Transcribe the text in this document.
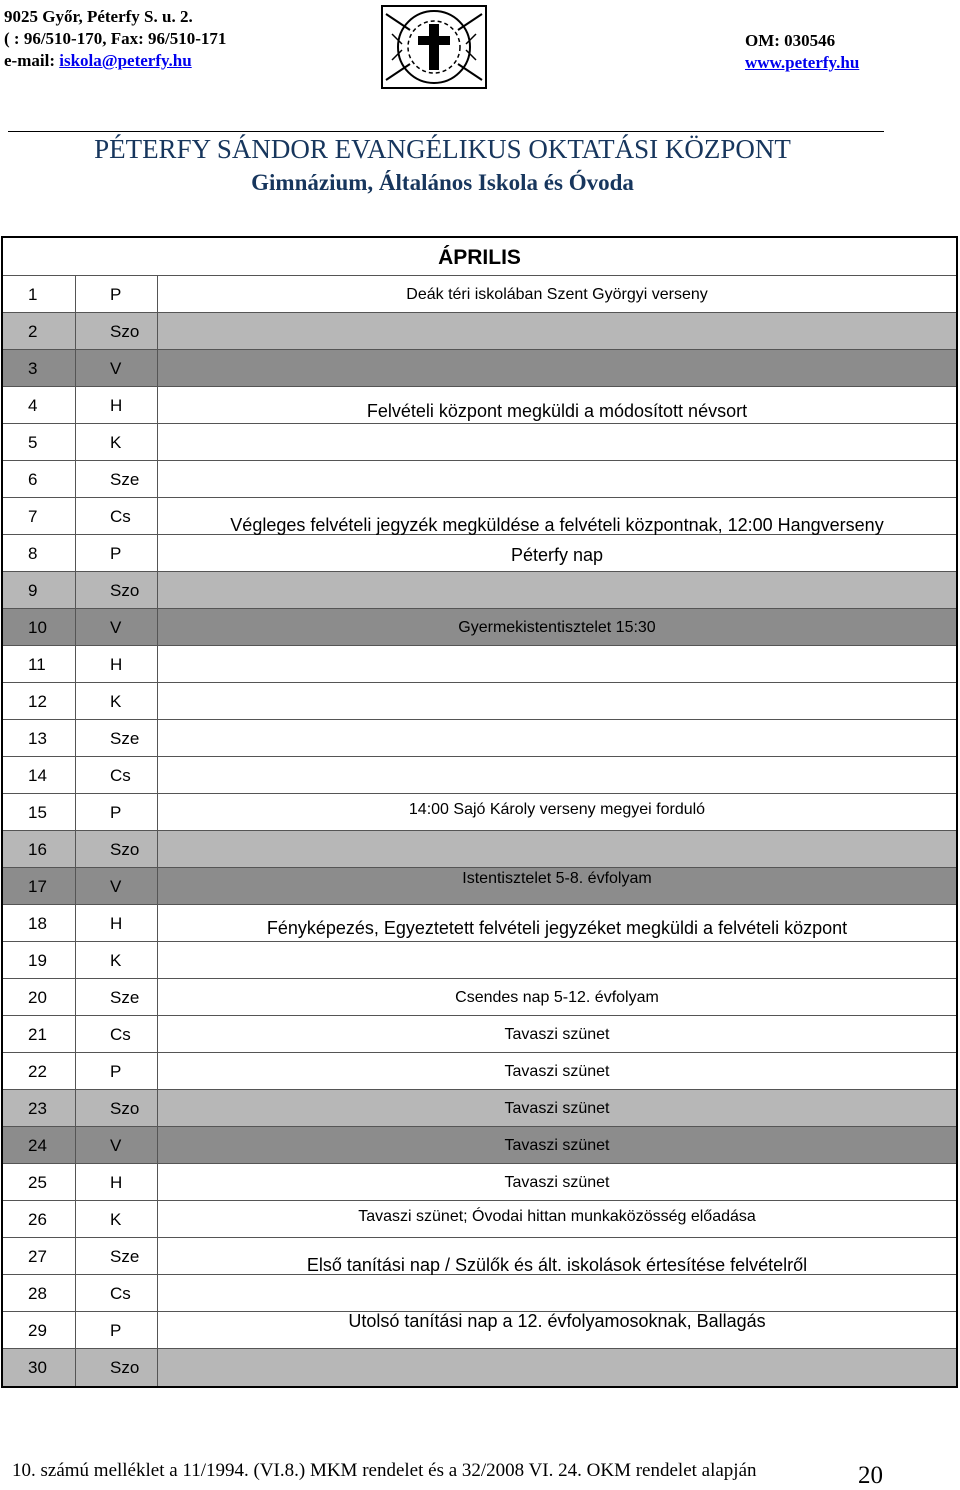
9025 Győr, Péterfy S. u. 2.
( : 96/510-170, Fax: 96/510-171
e-mail: iskola@peterfy.hu
OM: 030546
www.peterfy.hu
PÉTERFY SÁNDOR EVANGÉLIKUS OKTATÁSI KÖZPONT
Gimnázium, Általános Iskola és Óvoda
ÁPRILIS
1	P	Deák téri iskolában Szent Györgyi verseny
2	Szo
3	V
4	H	Felvételi központ megküldi a módosított névsort
5	K
6	Sze
7	Cs	Végleges felvételi jegyzék megküldése a felvételi központnak, 12:00 Hangverseny
8	P	Péterfy nap
9	Szo
10	V	Gyermekistentisztelet 15:30
11	H
12	K
13	Sze
14	Cs
15	P	14:00 Sajó Károly verseny megyei forduló
16	Szo
17	V	Istentisztelet 5-8. évfolyam
18	H	Fényképezés, Egyeztetett felvételi jegyzéket megküldi a felvételi központ
19	K
20	Sze	Csendes nap 5-12. évfolyam
21	Cs	Tavaszi szünet
22	P	Tavaszi szünet
23	Szo	Tavaszi szünet
24	V	Tavaszi szünet
25	H	Tavaszi szünet
26	K	Tavaszi szünet; Óvodai hittan munkaközösség előadása
27	Sze	Első tanítási nap / Szülők és ált. iskolások értesítése felvételről
28	Cs
29	P	Utolsó tanítási nap a 12. évfolyamosoknak, Ballagás
30	Szo
10. számú melléklet a 11/1994. (VI.8.) MKM rendelet és a 32/2008 VI. 24. OKM rendelet alapján	20
